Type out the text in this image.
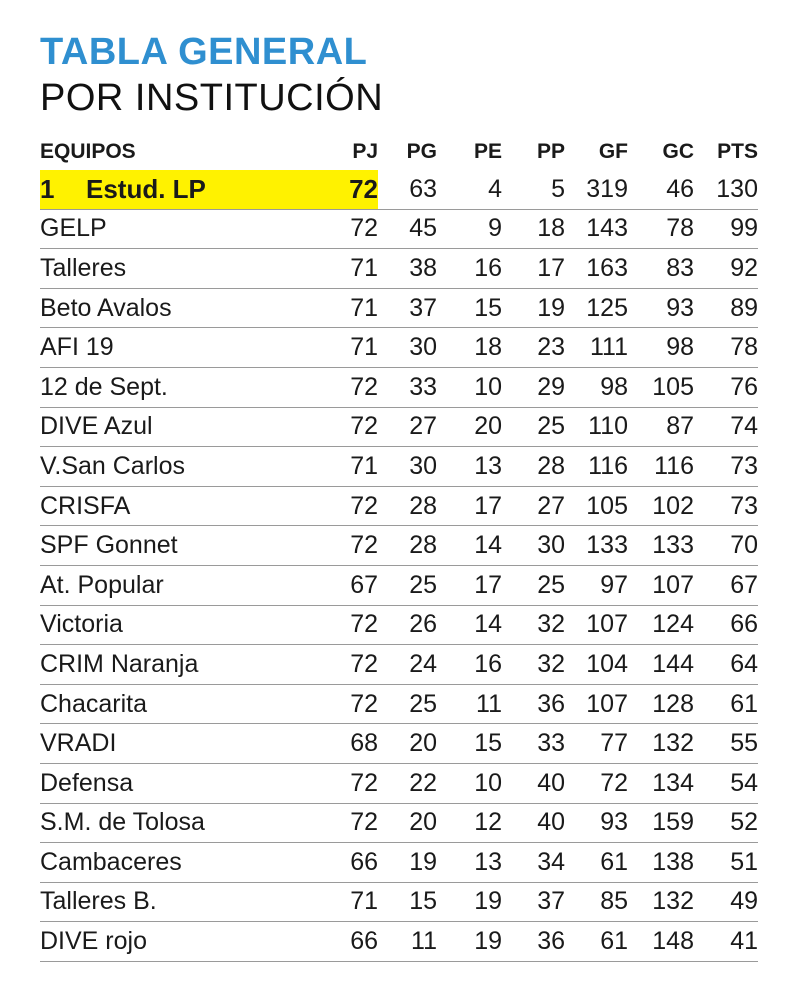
TABLA GENERAL
POR INSTITUCIÓN
EQUIPOS	PJ PG PE PP GF GC PTS
1	Estud. LP	72 63 4 5 319 46 130
GELP	72 45 9 18 143 78 99
Talleres	71 38 16 17 163 83 92
Beto Avalos	71 37 15 19 125 93 89
AFI 19	71 30 18 23 111 98 78
12 de Sept.	72 33 10 29 98 105 76
DIVE Azul	72 27 20 25 110 87 74
V.San Carlos	71 30 13 28 116 116 73
CRISFA	72 28 17 27 105 102 73
SPF Gonnet	72 28 14 30 133 133 70
At. Popular	67 25 17 25 97 107 67
Victoria	72 26 14 32 107 124 66
CRIM Naranja	72 24 16 32 104 144 64
Chacarita	72 25 11 36 107 128 61
VRADI	68 20 15 33 77 132 55
Defensa	72 22 10 40 72 134 54
S.M. de Tolosa	72 20 12 40 93 159 52
Cambaceres	66 19 13 34 61 138 51
Talleres B.	71 15 19 37 85 132 49
DIVE rojo	66 11 19 36 61 148 41
